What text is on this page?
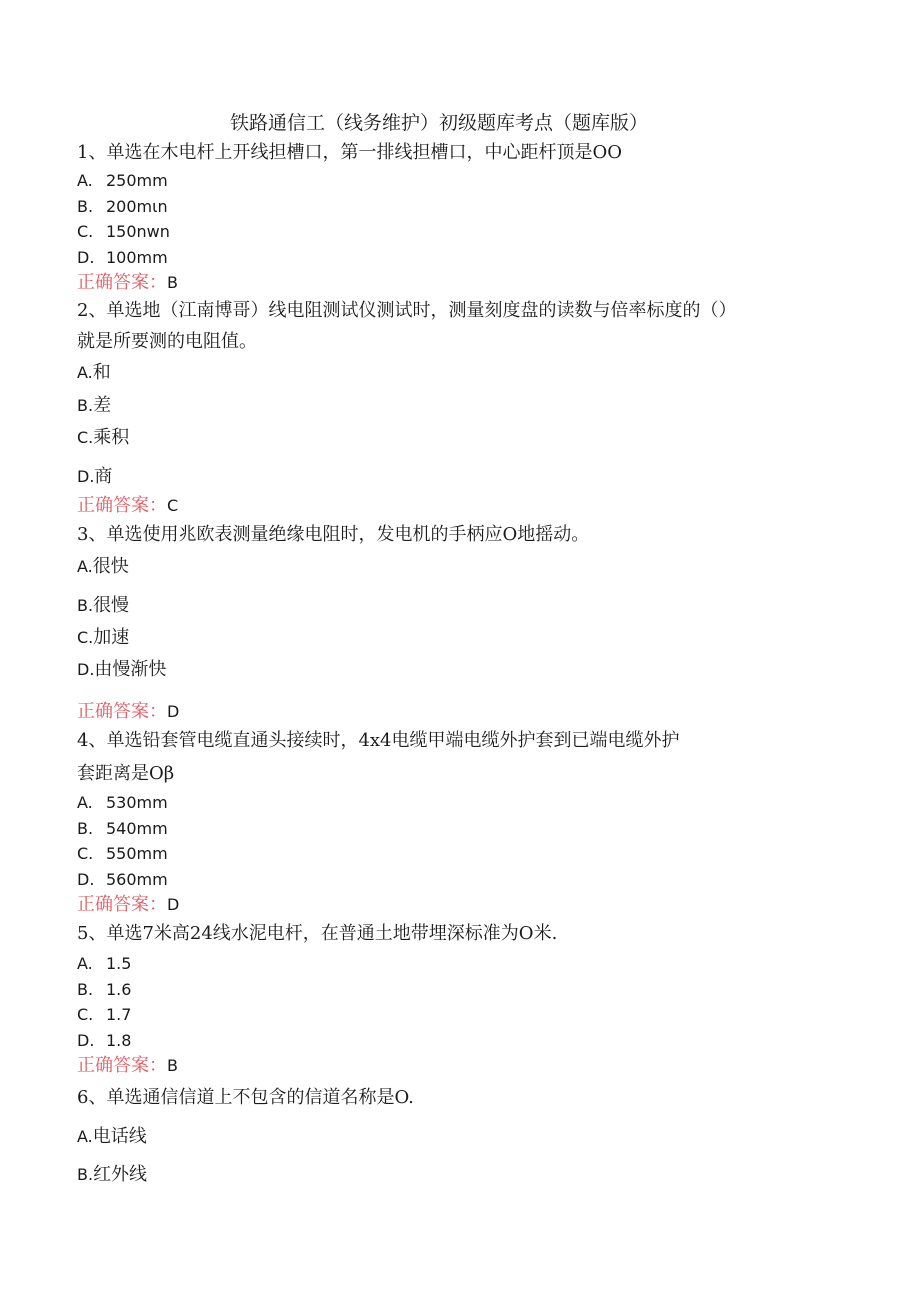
铁路通信工（线务维护）初级题库考点（题库版）
1、单选在木电杆上开线担槽口，第一排线担槽口，中心距杆顶是OO
A. 250mm
B. 200mιn
C. 150nwn
D. 100mm
正确答案：B
2、单选地（江南博哥）线电阻测试仪测试时，测量刻度盘的读数与倍率标度的（）
就是所要测的电阻值。
A.和
B.差
C.乘积
D.商
正确答案：C
3、单选使用兆欧表测量绝缘电阻时，发电机的手柄应O地摇动。
A.很快
B.很慢
C.加速
D.由慢渐快
正确答案：D
4、单选铅套管电缆直通头接续时，4x4电缆甲端电缆外护套到已端电缆外护
套距离是Oβ
A. 530mm
B. 540mm
C. 550mm
D. 560mm
正确答案：D
5、单选7米高24线水泥电杆，在普通土地带埋深标准为O米.
A. 1.5
B. 1.6
C. 1.7
D. 1.8
正确答案：B
6、单选通信信道上不包含的信道名称是O.
A.电话线
B.红外线
